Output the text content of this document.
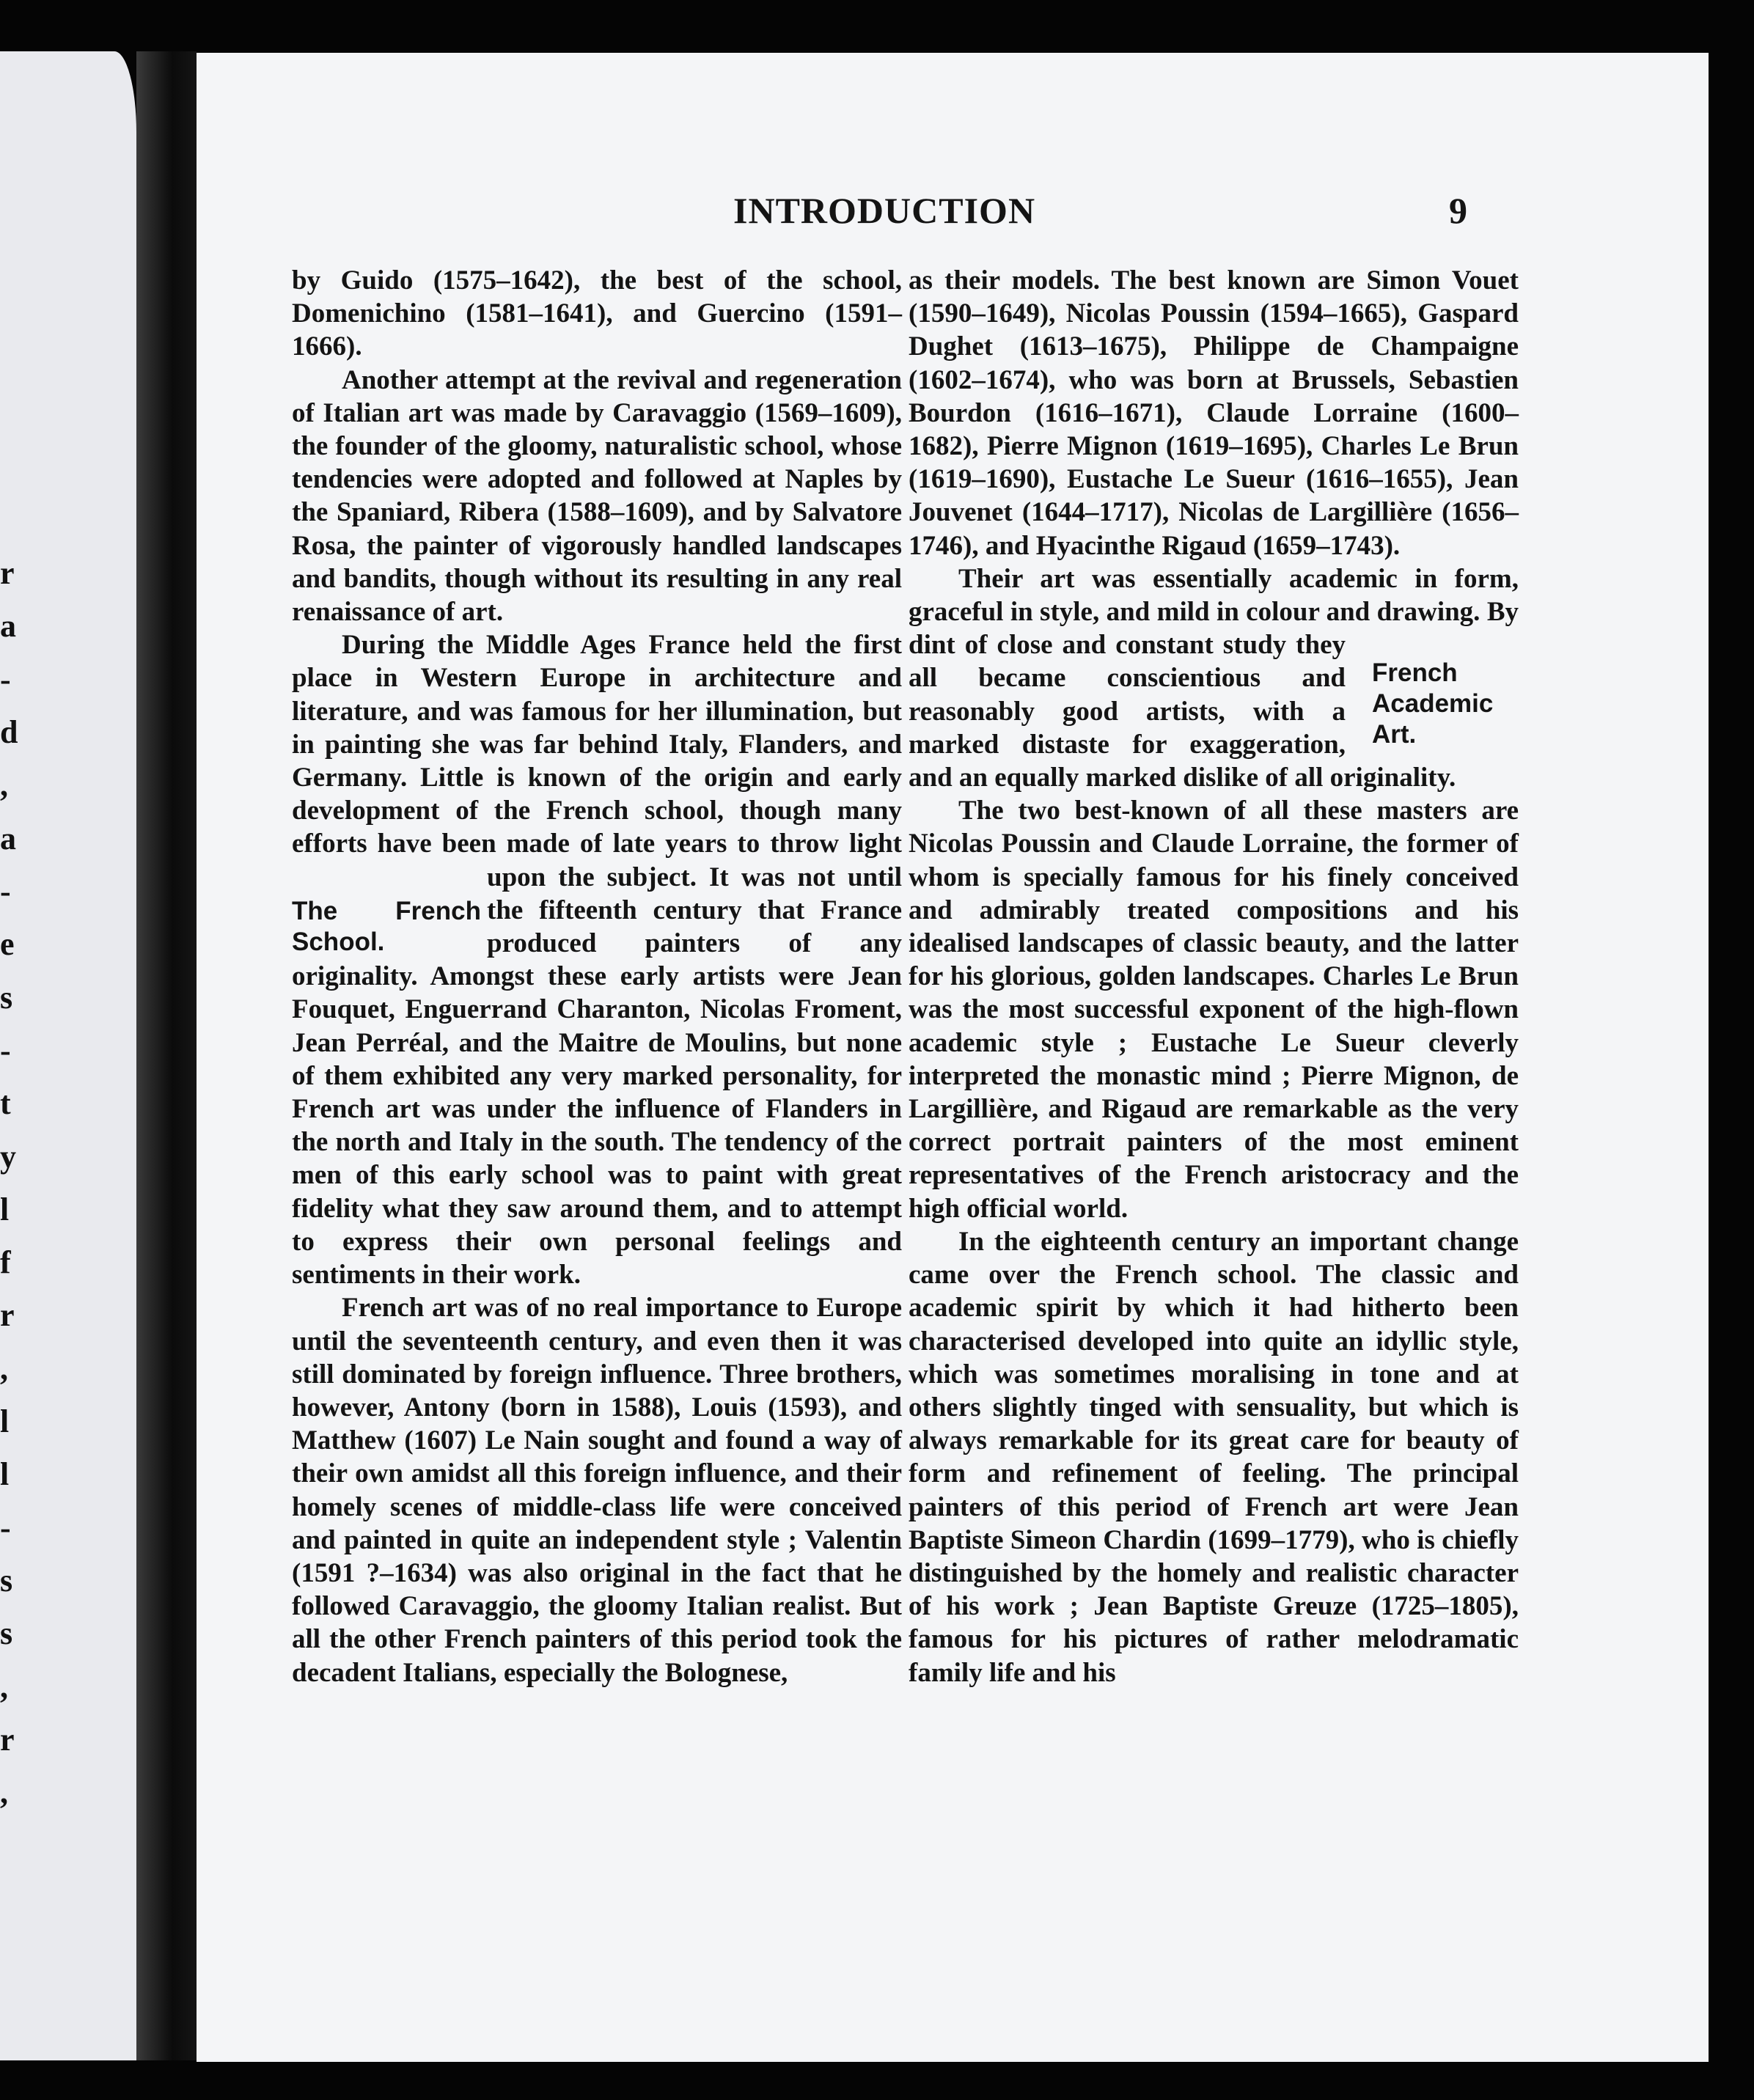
r
a
-
d
,
a
-
e
s
-
t
y
l
f
r
,
l
l
-
s
s
,
r
,
INTRODUCTION	9

by Guido (1575–1642), the best of the school, Domenichino (1581–1641), and Guercino (1591–1666).

Another attempt at the revival and regeneration of Italian art was made by Caravaggio (1569–1609), the founder of the gloomy, naturalistic school, whose tendencies were adopted and followed at Naples by the Spaniard, Ribera (1588–1609), and by Salvatore Rosa, the painter of vigorously handled landscapes and bandits, though without its resulting in any real renaissance of art.

During the Middle Ages France held the first place in Western Europe in architecture and literature, and was famous for her illumination, but in painting she was far behind Italy, Flanders, and Germany. Little is known of the origin and early development of the French school, though many efforts have been made of late years to throw light
The French School.
upon the subject. It was not until the fifteenth century that France produced painters of any originality. Amongst these early artists were Jean Fouquet, Enguerrand Charanton, Nicolas Froment, Jean Perréal, and the Maitre de Moulins, but none of them exhibited any very marked personality, for French art was under the influence of Flanders in the north and Italy in the south. The tendency of the men of this early school was to paint with great fidelity what they saw around them, and to attempt to express their own personal feelings and sentiments in their work.

French art was of no real importance to Europe until the seventeenth century, and even then it was still dominated by foreign influence. Three brothers, however, Antony (born in 1588), Louis (1593), and Matthew (1607) Le Nain sought and found a way of their own amidst all this foreign influence, and their homely scenes of middle-class life were conceived and painted in quite an independent style ; Valentin (1591 ?–1634) was also original in the fact that he followed Caravaggio, the gloomy Italian realist. But all the other French painters of this period took the decadent Italians, especially the Bolognese,

as their models. The best known are Simon Vouet (1590–1649), Nicolas Poussin (1594–1665), Gaspard Dughet (1613–1675), Philippe de Champaigne (1602–1674), who was born at Brussels, Sebastien Bourdon (1616–1671), Claude Lorraine (1600–1682), Pierre Mignon (1619–1695), Charles Le Brun (1619–1690), Eustache Le Sueur (1616–1655), Jean Jouvenet (1644–1717), Nicolas de Largillière (1656–1746), and Hyacinthe Rigaud (1659–1743).

Their art was essentially academic in form, graceful in style, and mild in colour and drawing.
French Academic Art.
By dint of close and constant study they all became conscientious and reasonably good artists, with a marked distaste for exaggeration, and an equally marked dislike of all originality.

The two best-known of all these masters are Nicolas Poussin and Claude Lorraine, the former of whom is specially famous for his finely conceived and admirably treated compositions and his idealised landscapes of classic beauty, and the latter for his glorious, golden landscapes. Charles Le Brun was the most successful exponent of the high-flown academic style ; Eustache Le Sueur cleverly interpreted the monastic mind ; Pierre Mignon, de Largillière, and Rigaud are remarkable as the very correct portrait painters of the most eminent representatives of the French aristocracy and the high official world.

In the eighteenth century an important change came over the French school. The classic and academic spirit by which it had hitherto been characterised developed into quite an idyllic style, which was sometimes moralising in tone and at others slightly tinged with sensuality, but which is always remarkable for its great care for beauty of form and refinement of feeling. The principal painters of this period of French art were Jean Baptiste Simeon Chardin (1699–1779), who is chiefly distinguished by the homely and realistic character of his work ; Jean Baptiste Greuze (1725–1805), famous for his pictures of rather melodramatic family life and his
